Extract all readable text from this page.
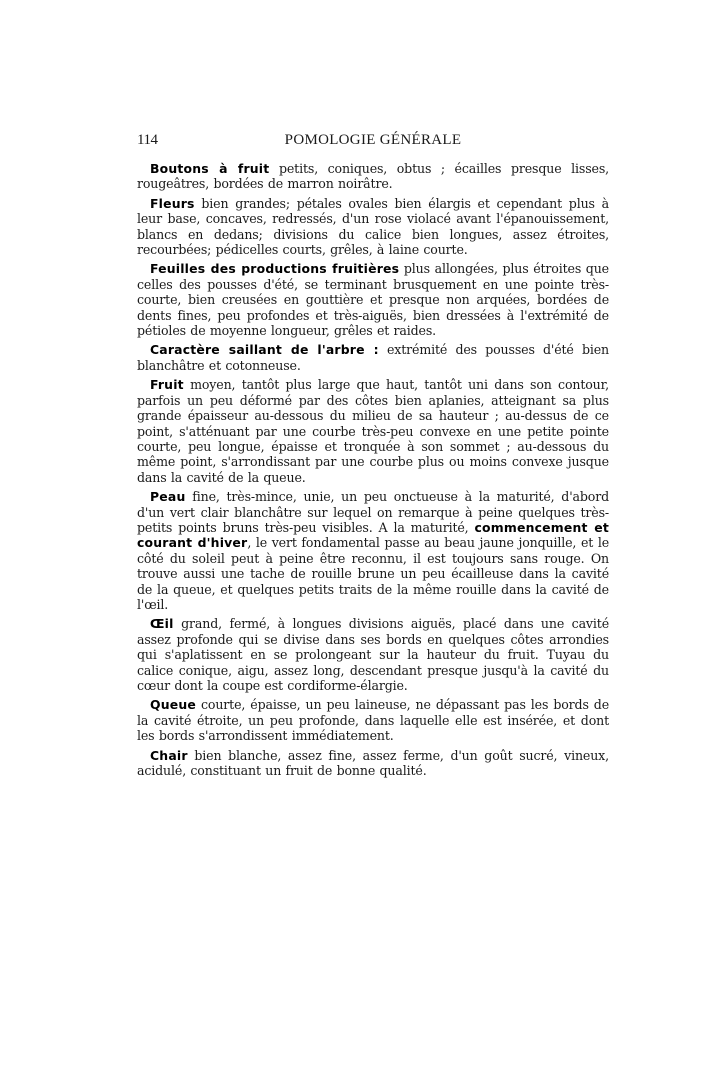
114	POMOLOGIE GÉNÉRALE

Boutons à fruit petits, coniques, obtus ; écailles presque lisses, rougeâtres, bordées de marron noirâtre.

Fleurs bien grandes; pétales ovales bien élargis et cependant plus à leur base, concaves, redressés, d'un rose violacé avant l'épanouissement, blancs en dedans; divisions du calice bien longues, assez étroites, recourbées; pédicelles courts, grêles, à laine courte.

Feuilles des productions fruitières plus allongées, plus étroites que celles des pousses d'été, se terminant brusquement en une pointe très-courte, bien creusées en gouttière et presque non arquées, bordées de dents fines, peu profondes et très-aiguës, bien dressées à l'extrémité de pétioles de moyenne longueur, grêles et raides.

Caractère saillant de l'arbre : extrémité des pousses d'été bien blanchâtre et cotonneuse.

Fruit moyen, tantôt plus large que haut, tantôt uni dans son contour, parfois un peu déformé par des côtes bien aplanies, atteignant sa plus grande épaisseur au-dessous du milieu de sa hauteur ; au-dessus de ce point, s'atténuant par une courbe très-peu convexe en une petite pointe courte, peu longue, épaisse et tronquée à son sommet ; au-dessous du même point, s'arrondissant par une courbe plus ou moins convexe jusque dans la cavité de la queue.

Peau fine, très-mince, unie, un peu onctueuse à la maturité, d'abord d'un vert clair blanchâtre sur lequel on remarque à peine quelques très-petits points bruns très-peu visibles. A la maturité, commencement et courant d'hiver, le vert fondamental passe au beau jaune jonquille, et le côté du soleil peut à peine être reconnu, il est toujours sans rouge. On trouve aussi une tache de rouille brune un peu écailleuse dans la cavité de la queue, et quelques petits traits de la même rouille dans la cavité de l'œil.

Œil grand, fermé, à longues divisions aiguës, placé dans une cavité assez profonde qui se divise dans ses bords en quelques côtes arrondies qui s'aplatissent en se prolongeant sur la hauteur du fruit. Tuyau du calice conique, aigu, assez long, descendant presque jusqu'à la cavité du cœur dont la coupe est cordiforme-élargie.

Queue courte, épaisse, un peu laineuse, ne dépassant pas les bords de la cavité étroite, un peu profonde, dans laquelle elle est insérée, et dont les bords s'arrondissent immédiatement.

Chair bien blanche, assez fine, assez ferme, d'un goût sucré, vineux, acidulé, constituant un fruit de bonne qualité.
